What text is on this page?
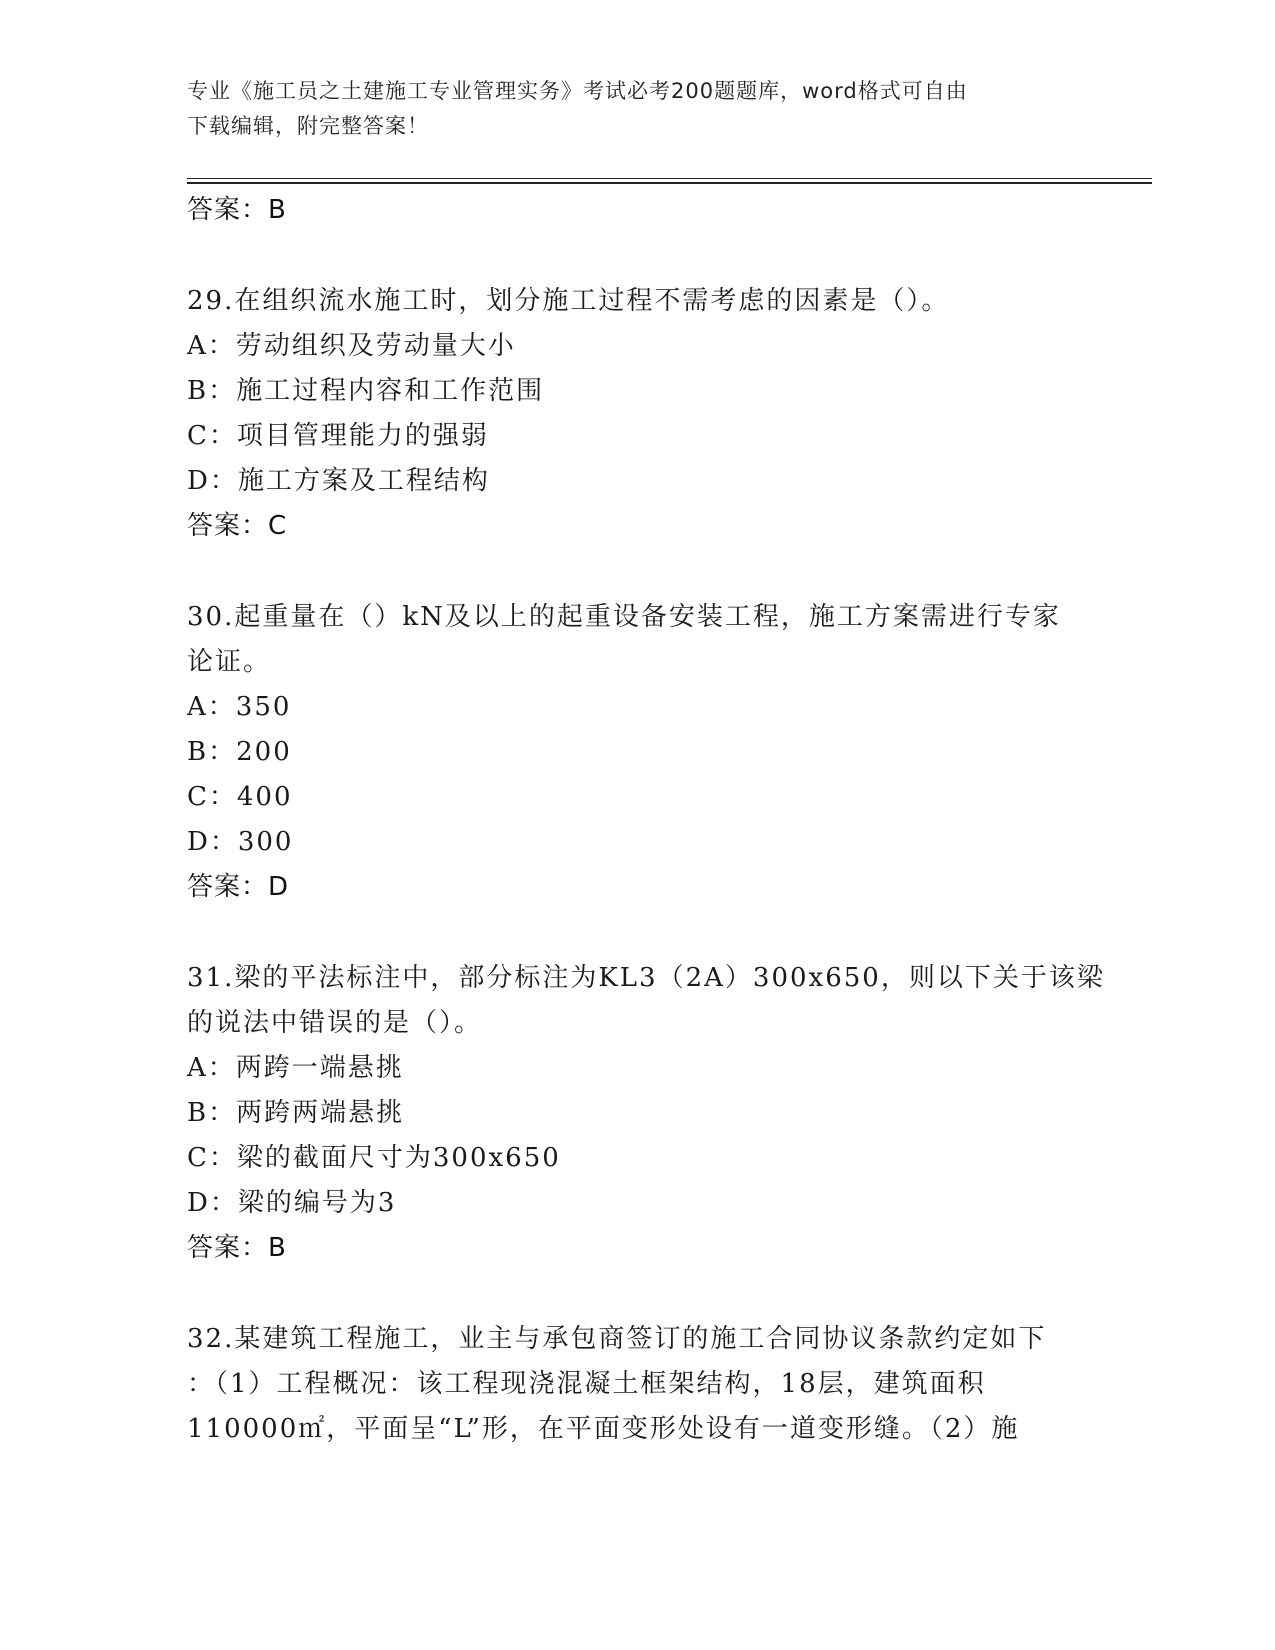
专业《施工员之土建施工专业管理实务》考试必考200题题库，word格式可自由
下载编辑，附完整答案！
答案：B
29.在组织流水施工时，划分施工过程不需考虑的因素是（）。
A：劳动组织及劳动量大小
B：施工过程内容和工作范围
C：项目管理能力的强弱
D：施工方案及工程结构
答案：C
30.起重量在（）kN及以上的起重设备安装工程，施工方案需进行专家
论证。
A：350
B：200
C：400
D：300
答案：D
31.梁的平法标注中，部分标注为KL3（2A）300x650，则以下关于该梁
的说法中错误的是（）。
A：两跨一端悬挑
B：两跨两端悬挑
C：梁的截面尺寸为300x650
D：梁的编号为3
答案：B
32.某建筑工程施工，业主与承包商签订的施工合同协议条款约定如下
：（1）工程概况：该工程现浇混凝土框架结构，18层，建筑面积
110000㎡，平面呈“L”形，在平面变形处设有一道变形缝。（2）施
